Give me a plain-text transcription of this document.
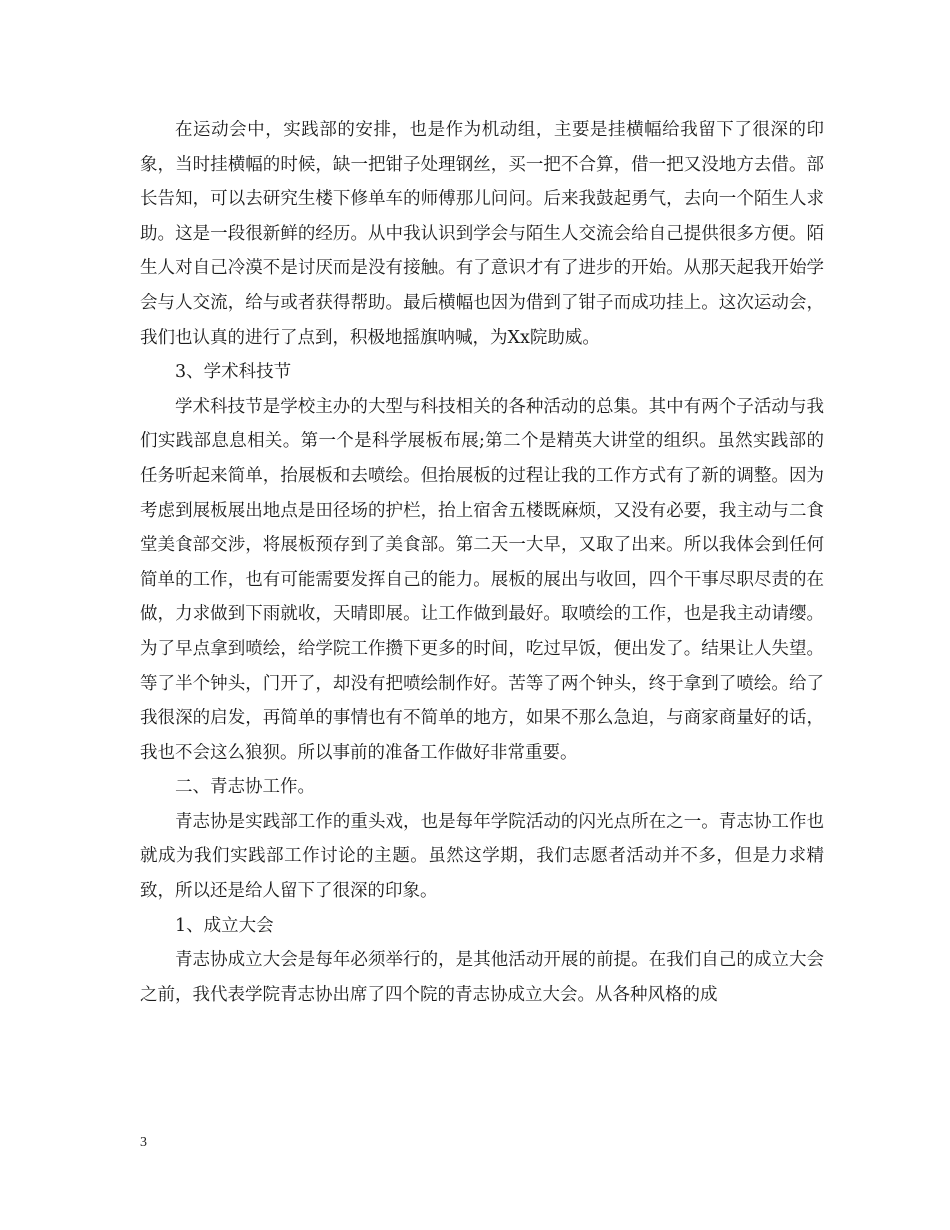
在运动会中，实践部的安排，也是作为机动组，主要是挂横幅给我留下了很深的印象，当时挂横幅的时候，缺一把钳子处理钢丝，买一把不合算，借一把又没地方去借。部长告知，可以去研究生楼下修单车的师傅那儿问问。后来我鼓起勇气，去向一个陌生人求助。这是一段很新鲜的经历。从中我认识到学会与陌生人交流会给自己提供很多方便。陌生人对自己冷漠不是讨厌而是没有接触。有了意识才有了进步的开始。从那天起我开始学会与人交流，给与或者获得帮助。最后横幅也因为借到了钳子而成功挂上。这次运动会，我们也认真的进行了点到，积极地摇旗呐喊，为Xx院助威。

3、学术科技节

学术科技节是学校主办的大型与科技相关的各种活动的总集。其中有两个子活动与我们实践部息息相关。第一个是科学展板布展;第二个是精英大讲堂的组织。虽然实践部的任务听起来简单，抬展板和去喷绘。但抬展板的过程让我的工作方式有了新的调整。因为考虑到展板展出地点是田径场的护栏，抬上宿舍五楼既麻烦，又没有必要，我主动与二食堂美食部交涉，将展板预存到了美食部。第二天一大早，又取了出来。所以我体会到任何简单的工作，也有可能需要发挥自己的能力。展板的展出与收回，四个干事尽职尽责的在做，力求做到下雨就收，天晴即展。让工作做到最好。取喷绘的工作，也是我主动请缨。为了早点拿到喷绘，给学院工作攒下更多的时间，吃过早饭，便出发了。结果让人失望。等了半个钟头，门开了，却没有把喷绘制作好。苦等了两个钟头，终于拿到了喷绘。给了我很深的启发，再简单的事情也有不简单的地方，如果不那么急迫，与商家商量好的话，我也不会这么狼狈。所以事前的准备工作做好非常重要。

二、青志协工作。

青志协是实践部工作的重头戏，也是每年学院活动的闪光点所在之一。青志协工作也就成为我们实践部工作讨论的主题。虽然这学期，我们志愿者活动并不多，但是力求精致，所以还是给人留下了很深的印象。

1、成立大会

青志协成立大会是每年必须举行的，是其他活动开展的前提。在我们自己的成立大会之前，我代表学院青志协出席了四个院的青志协成立大会。从各种风格的成

3
